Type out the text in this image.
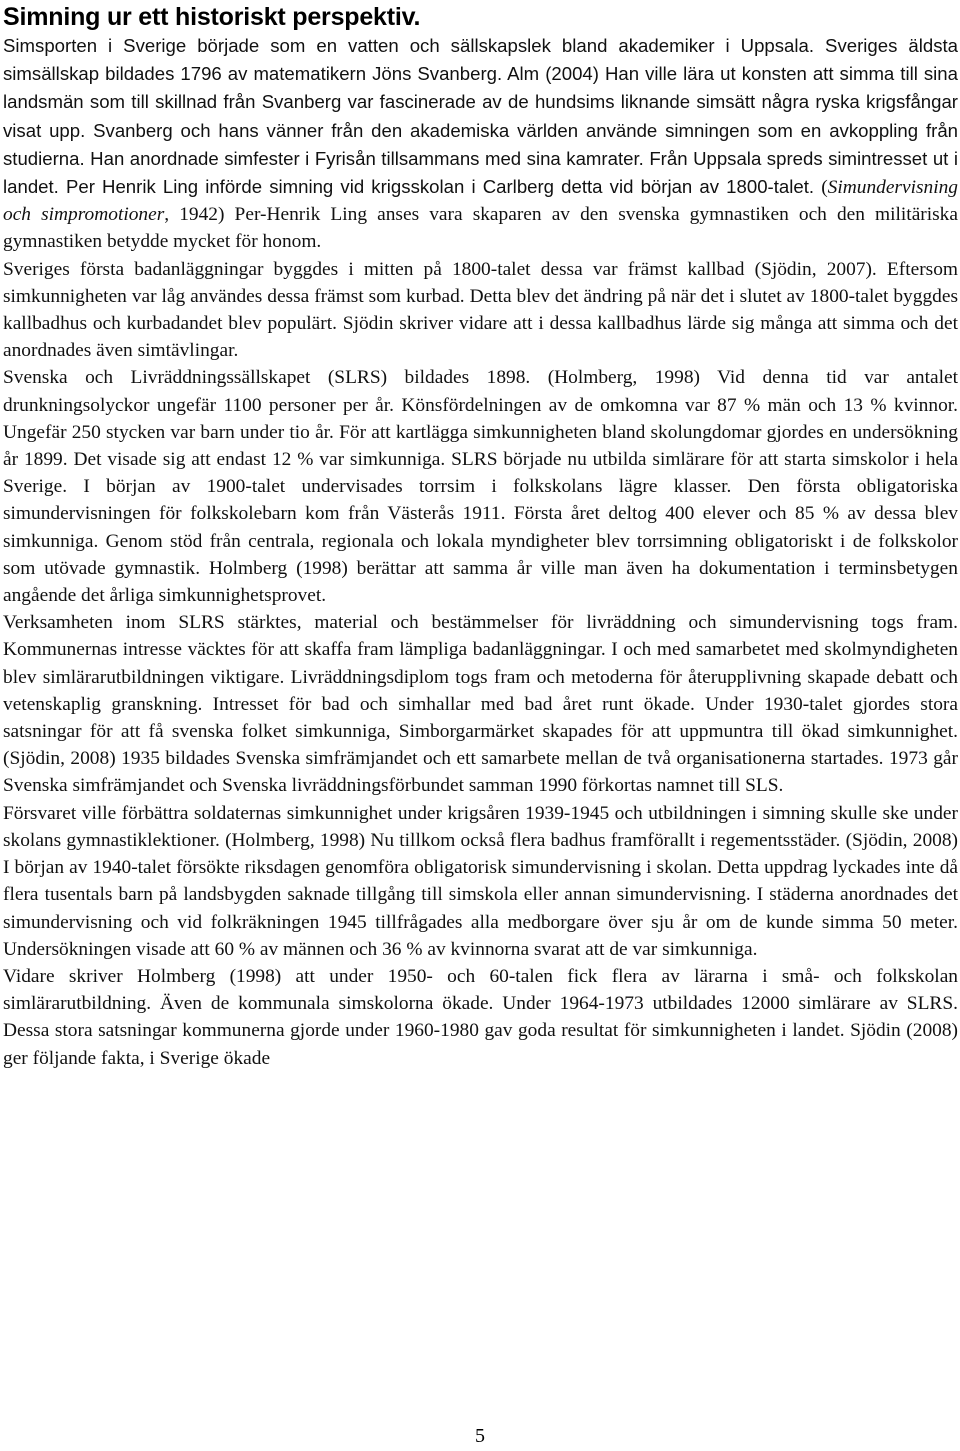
Simning ur ett historiskt perspektiv.

Simsporten i Sverige började som en vatten och sällskapslek bland akademiker i Uppsala. Sveriges äldsta simsällskap bildades 1796 av matematikern Jöns Svanberg. Alm (2004) Han ville lära ut konsten att simma till sina landsmän som till skillnad från Svanberg var fascinerade av de hundsims liknande simsätt några ryska krigsfångar visat upp. Svanberg och hans vänner från den akademiska världen använde simningen som en avkoppling från studierna. Han anordnade simfester i Fyrisån tillsammans med sina kamrater. Från Uppsala spreds simintresset ut i landet. Per Henrik Ling införde simning vid krigsskolan i Carlberg detta vid början av 1800-talet. (Simundervisning och simpromotioner, 1942) Per-Henrik Ling anses vara skaparen av den svenska gymnastiken och den militäriska gymnastiken betydde mycket för honom.

Sveriges första badanläggningar byggdes i mitten på 1800-talet dessa var främst kallbad (Sjödin, 2007). Eftersom simkunnigheten var låg användes dessa främst som kurbad. Detta blev det ändring på när det i slutet av 1800-talet byggdes kallbadhus och kurbadandet blev populärt. Sjödin skriver vidare att i dessa kallbadhus lärde sig många att simma och det anordnades även simtävlingar.

Svenska och Livräddningssällskapet (SLRS) bildades 1898. (Holmberg, 1998) Vid denna tid var antalet drunkningsolyckor ungefär 1100 personer per år. Könsfördelningen av de omkomna var 87 % män och 13 % kvinnor. Ungefär 250 stycken var barn under tio år. För att kartlägga simkunnigheten bland skolungdomar gjordes en undersökning år 1899. Det visade sig att endast 12 % var simkunniga. SLRS började nu utbilda simlärare för att starta simskolor i hela Sverige. I början av 1900-talet undervisades torrsim i folkskolans lägre klasser. Den första obligatoriska simundervisningen för folkskolebarn kom från Västerås 1911. Första året deltog 400 elever och 85 % av dessa blev simkunniga. Genom stöd från centrala, regionala och lokala myndigheter blev torrsimning obligatoriskt i de folkskolor som utövade gymnastik. Holmberg (1998) berättar att samma år ville man även ha dokumentation i terminsbetygen angående det årliga simkunnighetsprovet.

Verksamheten inom SLRS stärktes, material och bestämmelser för livräddning och simundervisning togs fram. Kommunernas intresse väcktes för att skaffa fram lämpliga badanläggningar. I och med samarbetet med skolmyndigheten blev simlärarutbildningen viktigare. Livräddningsdiplom togs fram och metoderna för återupplivning skapade debatt och vetenskaplig granskning. Intresset för bad och simhallar med bad året runt ökade. Under 1930-talet gjordes stora satsningar för att få svenska folket simkunniga, Simborgarmärket skapades för att uppmuntra till ökad simkunnighet.(Sjödin, 2008) 1935 bildades Svenska simfrämjandet och ett samarbete mellan de två organisationerna startades. 1973 går Svenska simfrämjandet och Svenska livräddningsförbundet samman 1990 förkortas namnet till SLS.

Försvaret ville förbättra soldaternas simkunnighet under krigsåren 1939-1945 och utbildningen i simning skulle ske under skolans gymnastiklektioner. (Holmberg, 1998) Nu tillkom också flera badhus framförallt i regementsstäder. (Sjödin, 2008) I början av 1940-talet försökte riksdagen genomföra obligatorisk simundervisning i skolan. Detta uppdrag lyckades inte då flera tusentals barn på landsbygden saknade tillgång till simskola eller annan simundervisning. I städerna anordnades det simundervisning och vid folkräkningen 1945 tillfrågades alla medborgare över sju år om de kunde simma 50 meter. Undersökningen visade att 60 % av männen och 36 % av kvinnorna svarat att de var simkunniga.

Vidare skriver Holmberg (1998) att under 1950- och 60-talen fick flera av lärarna i små- och folkskolan simlärarutbildning. Även de kommunala simskolorna ökade. Under 1964-1973 utbildades 12000 simlärare av SLRS. Dessa stora satsningar kommunerna gjorde under 1960-1980 gav goda resultat för simkunnigheten i landet. Sjödin (2008) ger följande fakta, i Sverige ökade

5
